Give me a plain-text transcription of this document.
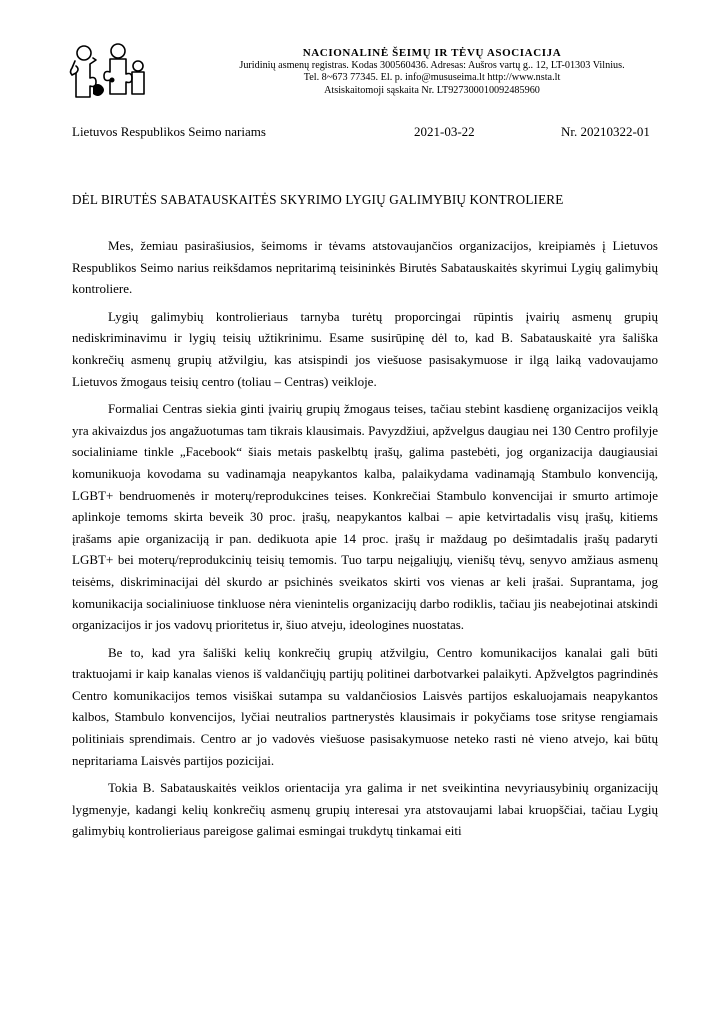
NACIONALINĖ ŠEIMŲ IR TĖVŲ ASOCIACIJA
Juridinių asmenų registras. Kodas 300560436. Adresas: Aušros vartų g.. 12, LT-01303 Vilnius.
Tel. 8~673 77345. El. p. info@mususeima.lt http://www.nsta.lt
Atsiskaitomoji sąskaita Nr. LT927300010092485960
Lietuvos Respublikos Seimo nariams	2021-03-22	Nr. 20210322-01
DĖL BIRUTĖS SABATAUSKAITĖS SKYRIMO LYGIŲ GALIMYBIŲ KONTROLIERE

Mes, žemiau pasirašiusios, šeimoms ir tėvams atstovaujančios organizacijos, kreipiamės į Lietuvos Respublikos Seimo narius reikšdamos nepritarimą teisininkės Birutės Sabatauskaitės skyrimui Lygių galimybių kontroliere.

Lygių galimybių kontrolieriaus tarnyba turėtų proporcingai rūpintis įvairių asmenų grupių nediskriminavimu ir lygių teisių užtikrinimu. Esame susirūpinę dėl to, kad B. Sabatauskaitė yra šališka konkrečių asmenų grupių atžvilgiu, kas atsispindi jos viešuose pasisakymuose ir ilgą laiką vadovaujamo Lietuvos žmogaus teisių centro (toliau – Centras) veikloje.

Formaliai Centras siekia ginti įvairių grupių žmogaus teises, tačiau stebint kasdienę organizacijos veiklą yra akivaizdus jos angažuotumas tam tikrais klausimais. Pavyzdžiui, apžvelgus daugiau nei 130 Centro profilyje socialiniame tinkle „Facebook“ šiais metais paskelbtų įrašų, galima pastebėti, jog organizacija daugiausiai komunikuoja kovodama su vadinamąja neapykantos kalba, palaikydama vadinamąją Stambulo konvenciją, LGBT+ bendruomenės ir moterų/reprodukcines teises. Konkrečiai Stambulo konvencijai ir smurto artimoje aplinkoje temoms skirta beveik 30 proc. įrašų, neapykantos kalbai – apie ketvirtadalis visų įrašų, kitiems įrašams apie organizaciją ir pan. dedikuota apie 14 proc. įrašų ir maždaug po dešimtadalis įrašų padaryti LGBT+ bei moterų/reprodukcinių teisių temomis. Tuo tarpu neįgaliųjų, vienišų tėvų, senyvo amžiaus asmenų teisėms, diskriminacijai dėl skurdo ar psichinės sveikatos skirti vos vienas ar keli įrašai. Suprantama, jog komunikacija socialiniuose tinkluose nėra vienintelis organizacijų darbo rodiklis, tačiau jis neabejotinai atskindi organizacijos ir jos vadovų prioritetus ir, šiuo atveju, ideologines nuostatas.

Be to, kad yra šališki kelių konkrečių grupių atžvilgiu, Centro komunikacijos kanalai gali būti traktuojami ir kaip kanalas vienos iš valdančiųjų partijų politinei darbotvarkei palaikyti. Apžvelgtos pagrindinės Centro komunikacijos temos visiškai sutampa su valdančiosios Laisvės partijos eskaluojamais neapykantos kalbos, Stambulo konvencijos, lyčiai neutralios partnerystės klausimais ir pokyčiams tose srityse rengiamais politiniais sprendimais. Centro ar jo vadovės viešuose pasisakymuose neteko rasti nė vieno atvejo, kai būtų nepritariama Laisvės partijos pozicijai.

Tokia B. Sabatauskaitės veiklos orientacija yra galima ir net sveikintina nevyriausybinių organizacijų lygmenyje, kadangi kelių konkrečių asmenų grupių interesai yra atstovaujami labai kruopščiai, tačiau Lygių galimybių kontrolieriaus pareigose galimai esmingai trukdytų tinkamai eiti
